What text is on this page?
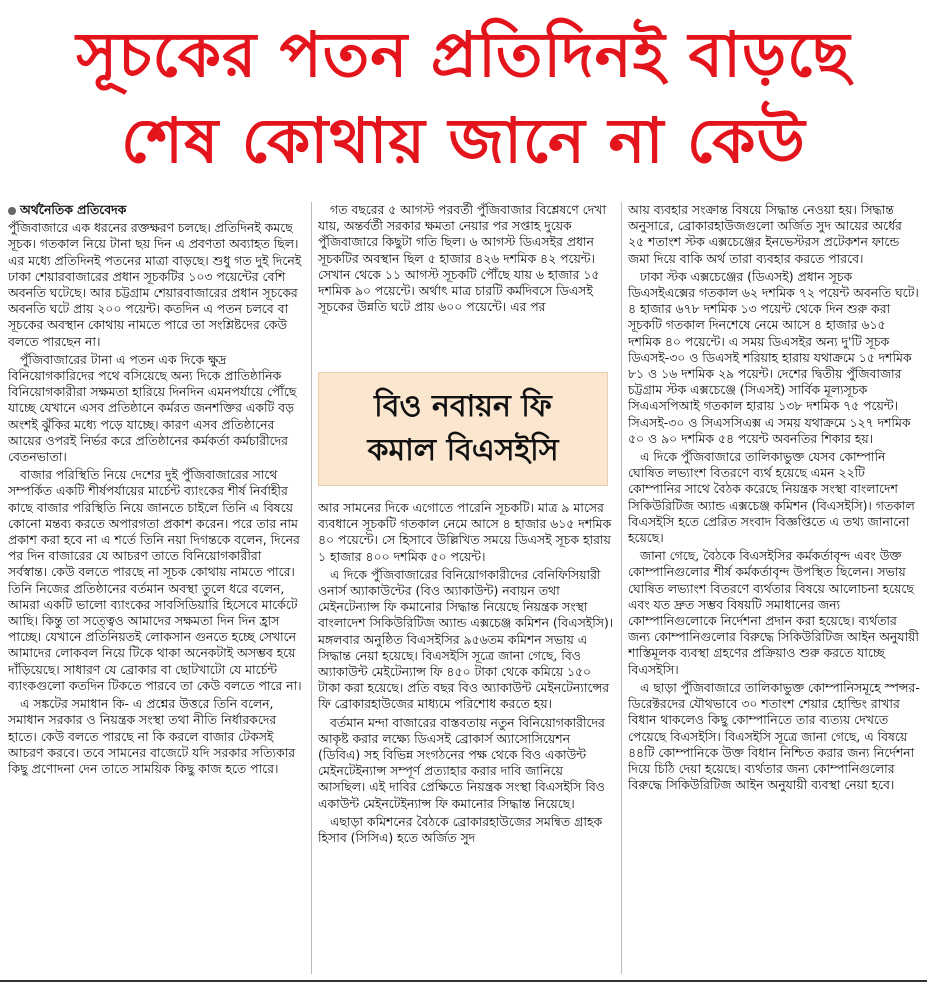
সূচকের পতন প্রতিদিনই বাড়ছে
শেষ কোথায় জানে না কেউ
অর্থনৈতিক প্রতিবেদক

পুঁজিবাজারে এক ধরনের রক্তক্ষরণ চলছে। প্রতিদিনই কমছে সূচক। গতকাল নিয়ে টানা ছয় দিন এ প্রবণতা অব্যাহত ছিল। এর মধ্যে প্রতিদিনই পতনের মাত্রা বাড়ছে। শুধু গত দুই দিনেই ঢাকা শেয়ারবাজারের প্রধান সূচকটির ১০৩ পয়েন্টের বেশি অবনতি ঘটেছে। আর চট্টগ্রাম শেয়ারবাজারের প্রধান সূচকের অবনতি ঘটে প্রায় ২০০ পয়েন্ট। কতদিন এ পতন চলবে বা সূচকের অবস্থান কোথায় নামতে পারে তা সংশ্লিষ্টদের কেউ বলতে পারছেন না।

পুঁজিবাজারের টানা এ পতন এক দিকে ক্ষুদ্র বিনিয়োগকারিদের পথে বসিয়েছে অন্য দিকে প্রাতিষ্ঠানিক বিনিয়োগকারীরা সক্ষমতা হারিয়ে দিনদিন এমনপর্যায়ে পৌঁছে যাচ্ছে যেখানে এসব প্রতিষ্ঠানে কর্মরত জনশক্তির একটি বড় অংশই ঝুঁকির মধ্যে পড়ে যাচ্ছে। কারণ এসব প্রতিষ্ঠানের আয়ের ওপরই নির্ভর করে প্রতিষ্ঠানের কর্মকর্তা কর্মচারীদের বেতনভাতা।

বাজার পরিস্থিতি নিয়ে দেশের দুই পুঁজিবাজারের সাথে সম্পর্কিত একটি শীর্ষপর্যায়ের মার্চেন্ট ব্যাংকের শীর্ষ নির্বাহীর কাছে বাজার পরিস্থিতি নিয়ে জানতে চাইলে তিনি এ বিষয়ে কোনো মন্তব্য করতে অপারগতা প্রকাশ করেন। পরে তার নাম প্রকাশ করা হবে না এ শর্তে তিনি নয়া দিগন্তকে বলেন, দিনের পর দিন বাজারের যে আচরণ তাতে বিনিয়োগকারীরা সর্বস্বান্ত। কেউ বলতে পারছে না সূচক কোথায় নামতে পারে। তিনি নিজের প্রতিষ্ঠানের বর্তমান অবস্থা তুলে ধরে বলেন, আমরা একটি ভালো ব্যাংকের সাবসিডিয়ারি হিসেবে মার্কেটে আছি। কিন্তু তা সত্ত্বেও আমাদের সক্ষমতা দিন দিন হ্রাস পাচ্ছে। যেখানে প্রতিনিয়তই লোকসান গুনতে হচ্ছে সেখানে আমাদের লোকবল নিয়ে টিকে থাকা অনেকটাই অসম্ভব হয়ে দাঁড়িয়েছে। সাধারণ যে ব্রোকার বা ছোটখাটো যে মার্চেন্ট ব্যাংকগুলো কতদিন টিকতে পারবে তা কেউ বলতে পারে না।

এ সঙ্কটের সমাধান কি- এ প্রশ্নের উত্তরে তিনি বলেন, সমাধান সরকার ও নিয়ন্ত্রক সংস্থা তথা নীতি নির্ধারকদের হাতে। কেউ বলতে পারছে না কি করলে বাজার টেকসই আচরণ করবে। তবে সামনের বাজেটে যদি সরকার সত্যিকার কিছু প্রণোদনা দেন তাতে সাময়িক কিছু কাজ হতে পারে।

গত বছরের ৫ আগস্ট পরবর্তী পুঁজিবাজার বিশ্লেষণে দেখা যায়, অন্তর্বর্তী সরকার ক্ষমতা নেয়ার পর সপ্তাহ দুয়েক পুঁজিবাজারে কিছুটা গতি ছিল। ৬ আগস্ট ডিএসইর প্রধান সূচকটির অবস্থান ছিল ৫ হাজার ৪২৬ দশমিক ৪২ পয়েন্ট। সেখান থেকে ১১ আগস্ট সূচকটি পৌঁছে যায় ৬ হাজার ১৫ দশমিক ৯০ পয়েন্টে। অর্থাৎ মাত্র চারটি কর্মদিবসে ডিএসই সূচকের উন্নতি ঘটে প্রায় ৬০০ পয়েন্টে। এর পর

বিও নবায়ন ফি
কমাল বিএসইসি

আর সামনের দিকে এগোতে পারেনি সূচকটি। মাত্র ৯ মাসের ব্যবধানে সূচকটি গতকাল নেমে আসে ৪ হাজার ৬১৫ দশমিক ৪০ পয়েন্টে। সে হিসাবে উল্লিখিত সময়ে ডিএসই সূচক হারায় ১ হাজার ৪০০ দশমিক ৫০ পয়েন্ট।

এ দিকে পুঁজিবাজারের বিনিয়োগকারীদের বেনিফিসিয়ারী ওনার্স অ্যাকাউন্টের (বিও অ্যাকাউন্ট) নবায়ন তথা মেইনটেন্যান্স ফি কমানোর সিদ্ধান্ত নিয়েছে নিয়ন্ত্রক সংস্থা বাংলাদেশ সিকিউরিটিজ অ্যান্ড এক্সচেঞ্জ কমিশন (বিএসইসি)। মঙ্গলবার অনুষ্ঠিত বিএসইসির ৯৫৬তম কমিশন সভায় এ সিদ্ধান্ত নেয়া হয়েছে। বিএসইসি সূত্রে জানা গেছে, বিও অ্যাকাউন্ট মেইটেন্যান্স ফি ৪৫০ টাকা থেকে কমিয়ে ১৫০ টাকা করা হয়েছে। প্রতি বছর বিও অ্যাকাউন্ট মেইনটেন্যান্সের ফি ব্রোকারহাউজের মাধ্যমে পরিশোধ করতে হয়।

বর্তমান মন্দা বাজারের বাস্তবতায় নতুন বিনিয়োগকারীদের আকৃষ্ট করার লক্ষ্যে ডিএসই ব্রোকার্স অ্যাসোসিয়েশন (ডিবিএ) সহ বিভিন্ন সংগঠনের পক্ষ থেকে বিও একাউন্ট মেইনটেইন্যান্স সম্পূর্ণ প্রত্যাহার করার দাবি জানিয়ে আসছিল। এই দাবির প্রেক্ষিতে নিয়ন্ত্রক সংস্থা বিএসইসি বিও একাউন্ট মেইনটেইন্যান্স ফি কমানোর সিদ্ধান্ত নিয়েছে।

এছাড়া কমিশনের বৈঠকে ব্রোকারহাউজের সমন্বিত গ্রাহক হিসাব (সিসিএ) হতে অর্জিত সুদ

আয় ব্যবহার সংক্রান্ত বিষয়ে সিদ্ধান্ত নেওয়া হয়। সিদ্ধান্ত অনুসারে, ব্রোকারহাউজগুলো অর্জিত সুদ আয়ের অর্ধের ২৫ শতাংশ স্টক এক্সচেঞ্জের ইনভেস্টরস প্রটেকশন ফান্ডে জমা দিয়ে বাকি অর্থ তারা ব্যবহার করতে পারবে।

ঢাকা স্টক এক্সচেঞ্জের (ডিএসই) প্রধান সূচক ডিএসইএক্সের গতকাল ৬২ দশমিক ৭২ পয়েন্ট অবনতি ঘটে। ৪ হাজার ৬৭৮ দশমিক ১৩ পয়েন্ট থেকে দিন শুরু করা সূচকটি গতকাল দিনশেষে নেমে আসে ৪ হাজার ৬১৫ দশমিক ৪০ পয়েন্টে। এ সময় ডিএসইর অন্য দু'টি সূচক ডিএসই-৩০ ও ডিএসই শরিয়াহ হারায় যথাক্রমে ১৫ দশমিক ৮১ ও ১৬ দশমিক ২৯ পয়েন্ট। দেশের দ্বিতীয় পুঁজিবাজার চট্টগ্রাম স্টক এক্সচেঞ্জে (সিএসই) সার্বিক মূল্যসূচক সিএএসপিআই গতকাল হারায় ১৩৮ দশমিক ৭৫ পয়েন্ট। সিএসই-৩০ ও সিএসসিএক্স এ সময় যথাক্রমে ১২৭ দশমিক ৫০ ও ৯০ দশমিক ৫৪ পয়েন্ট অবনতির শিকার হয়।

এ দিকে পুঁজিবাজারে তালিকাভুক্ত যেসব কোম্পানি ঘোষিত লভ্যাংশ বিতরণে ব্যর্থ হয়েছে এমন ২২টি কোম্পানির সাথে বৈঠক করেছে নিয়ন্ত্রক সংস্থা বাংলাদেশ সিকিউরিটিজ অ্যান্ড এক্সচেঞ্জ কমিশন (বিএসইসি)। গতকাল বিএসইসি হতে প্রেরিত সংবাদ বিজ্ঞপ্তিতে এ তথ্য জানানো হয়েছে।

জানা গেছে, বৈঠকে বিএসইসির কর্মকর্তাবৃন্দ এবং উক্ত কোম্পানিগুলোর শীর্ষ কর্মকর্তাবৃন্দ উপস্থিত ছিলেন। সভায় ঘোষিত লভ্যাংশ বিতরণে ব্যর্থতার বিষয়ে আলোচনা হয়েছে এবং যত দ্রুত সম্ভব বিষয়টি সমাধানের জন্য কোম্পানিগুলোকে নির্দেশনা প্রদান করা হয়েছে। ব্যর্থতার জন্য কোম্পানিগুলোর বিরুদ্ধে সিকিউরিটিজ আইন অনুযায়ী শাস্তিমূলক ব্যবস্থা গ্রহণের প্রক্রিয়াও শুরু করতে যাচ্ছে বিএসইসি।

এ ছাড়া পুঁজিবাজারে তালিকাভুক্ত কোম্পানিসমূহে স্পন্সর-ডিরেক্টরদের যৌথভাবে ৩০ শতাংশ শেয়ার হোল্ডিং রাখার বিধান থাকলেও কিছু কোম্পানিতে তার ব্যত্যয় দেখতে পেয়েছে বিএসইসি। বিএসইসি সূত্রে জানা গেছে, এ বিষয়ে ৪৪টি কোম্পানিকে উক্ত বিধান নিশ্চিত করার জন্য নির্দেশনা দিয়ে চিঠি দেয়া হয়েছে। ব্যর্থতার জন্য কোম্পানিগুলোর বিরুদ্ধে সিকিউরিটিজ আইন অনুযায়ী ব্যবস্থা নেয়া হবে।
